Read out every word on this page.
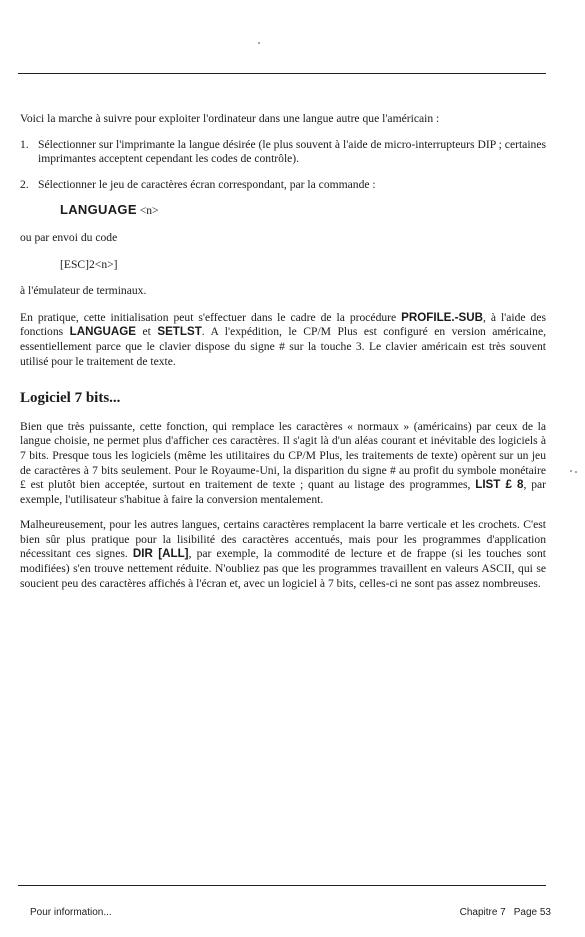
Voici la marche à suivre pour exploiter l'ordinateur dans une langue autre que l'américain :

1. Sélectionner sur l'imprimante la langue désirée (le plus souvent à l'aide de micro-interrupteurs DIP ; certaines imprimantes acceptent cependant les codes de contrôle).
2. Sélectionner le jeu de caractères écran correspondant, par la commande :
LANGUAGE <n>
ou par envoi du code
[ESC]2<n>]
à l'émulateur de terminaux.

En pratique, cette initialisation peut s'effectuer dans le cadre de la procédure PROFILE.-SUB, à l'aide des fonctions LANGUAGE et SETLST. A l'expédition, le CP/M Plus est configuré en version américaine, essentiellement parce que le clavier dispose du signe # sur la touche 3. Le clavier américain est très souvent utilisé pour le traitement de texte.

Logiciel 7 bits...

Bien que très puissante, cette fonction, qui remplace les caractères « normaux » (américains) par ceux de la langue choisie, ne permet plus d'afficher ces caractères. Il s'agit là d'un aléas courant et inévitable des logiciels à 7 bits. Presque tous les logiciels (même les utilitaires du CP/M Plus, les traitements de texte) opèrent sur un jeu de caractères à 7 bits seulement. Pour le Royaume-Uni, la disparition du signe # au profit du symbole monétaire £ est plutôt bien acceptée, surtout en traitement de texte ; quant au listage des programmes, LIST £ 8, par exemple, l'utilisateur s'habitue à faire la conversion mentalement.

Malheureusement, pour les autres langues, certains caractères remplacent la barre verticale et les crochets. C'est bien sûr plus pratique pour la lisibilité des caractères accentués, mais pour les programmes d'application nécessitant ces signes. DIR [ALL], par exemple, la commodité de lecture et de frappe (si les touches sont modifiées) s'en trouve nettement réduite. N'oubliez pas que les programmes travaillent en valeurs ASCII, qui se soucient peu des caractères affichés à l'écran et, avec un logiciel à 7 bits, celles-ci ne sont pas assez nombreuses.

Pour information...	Chapitre 7 Page 53
